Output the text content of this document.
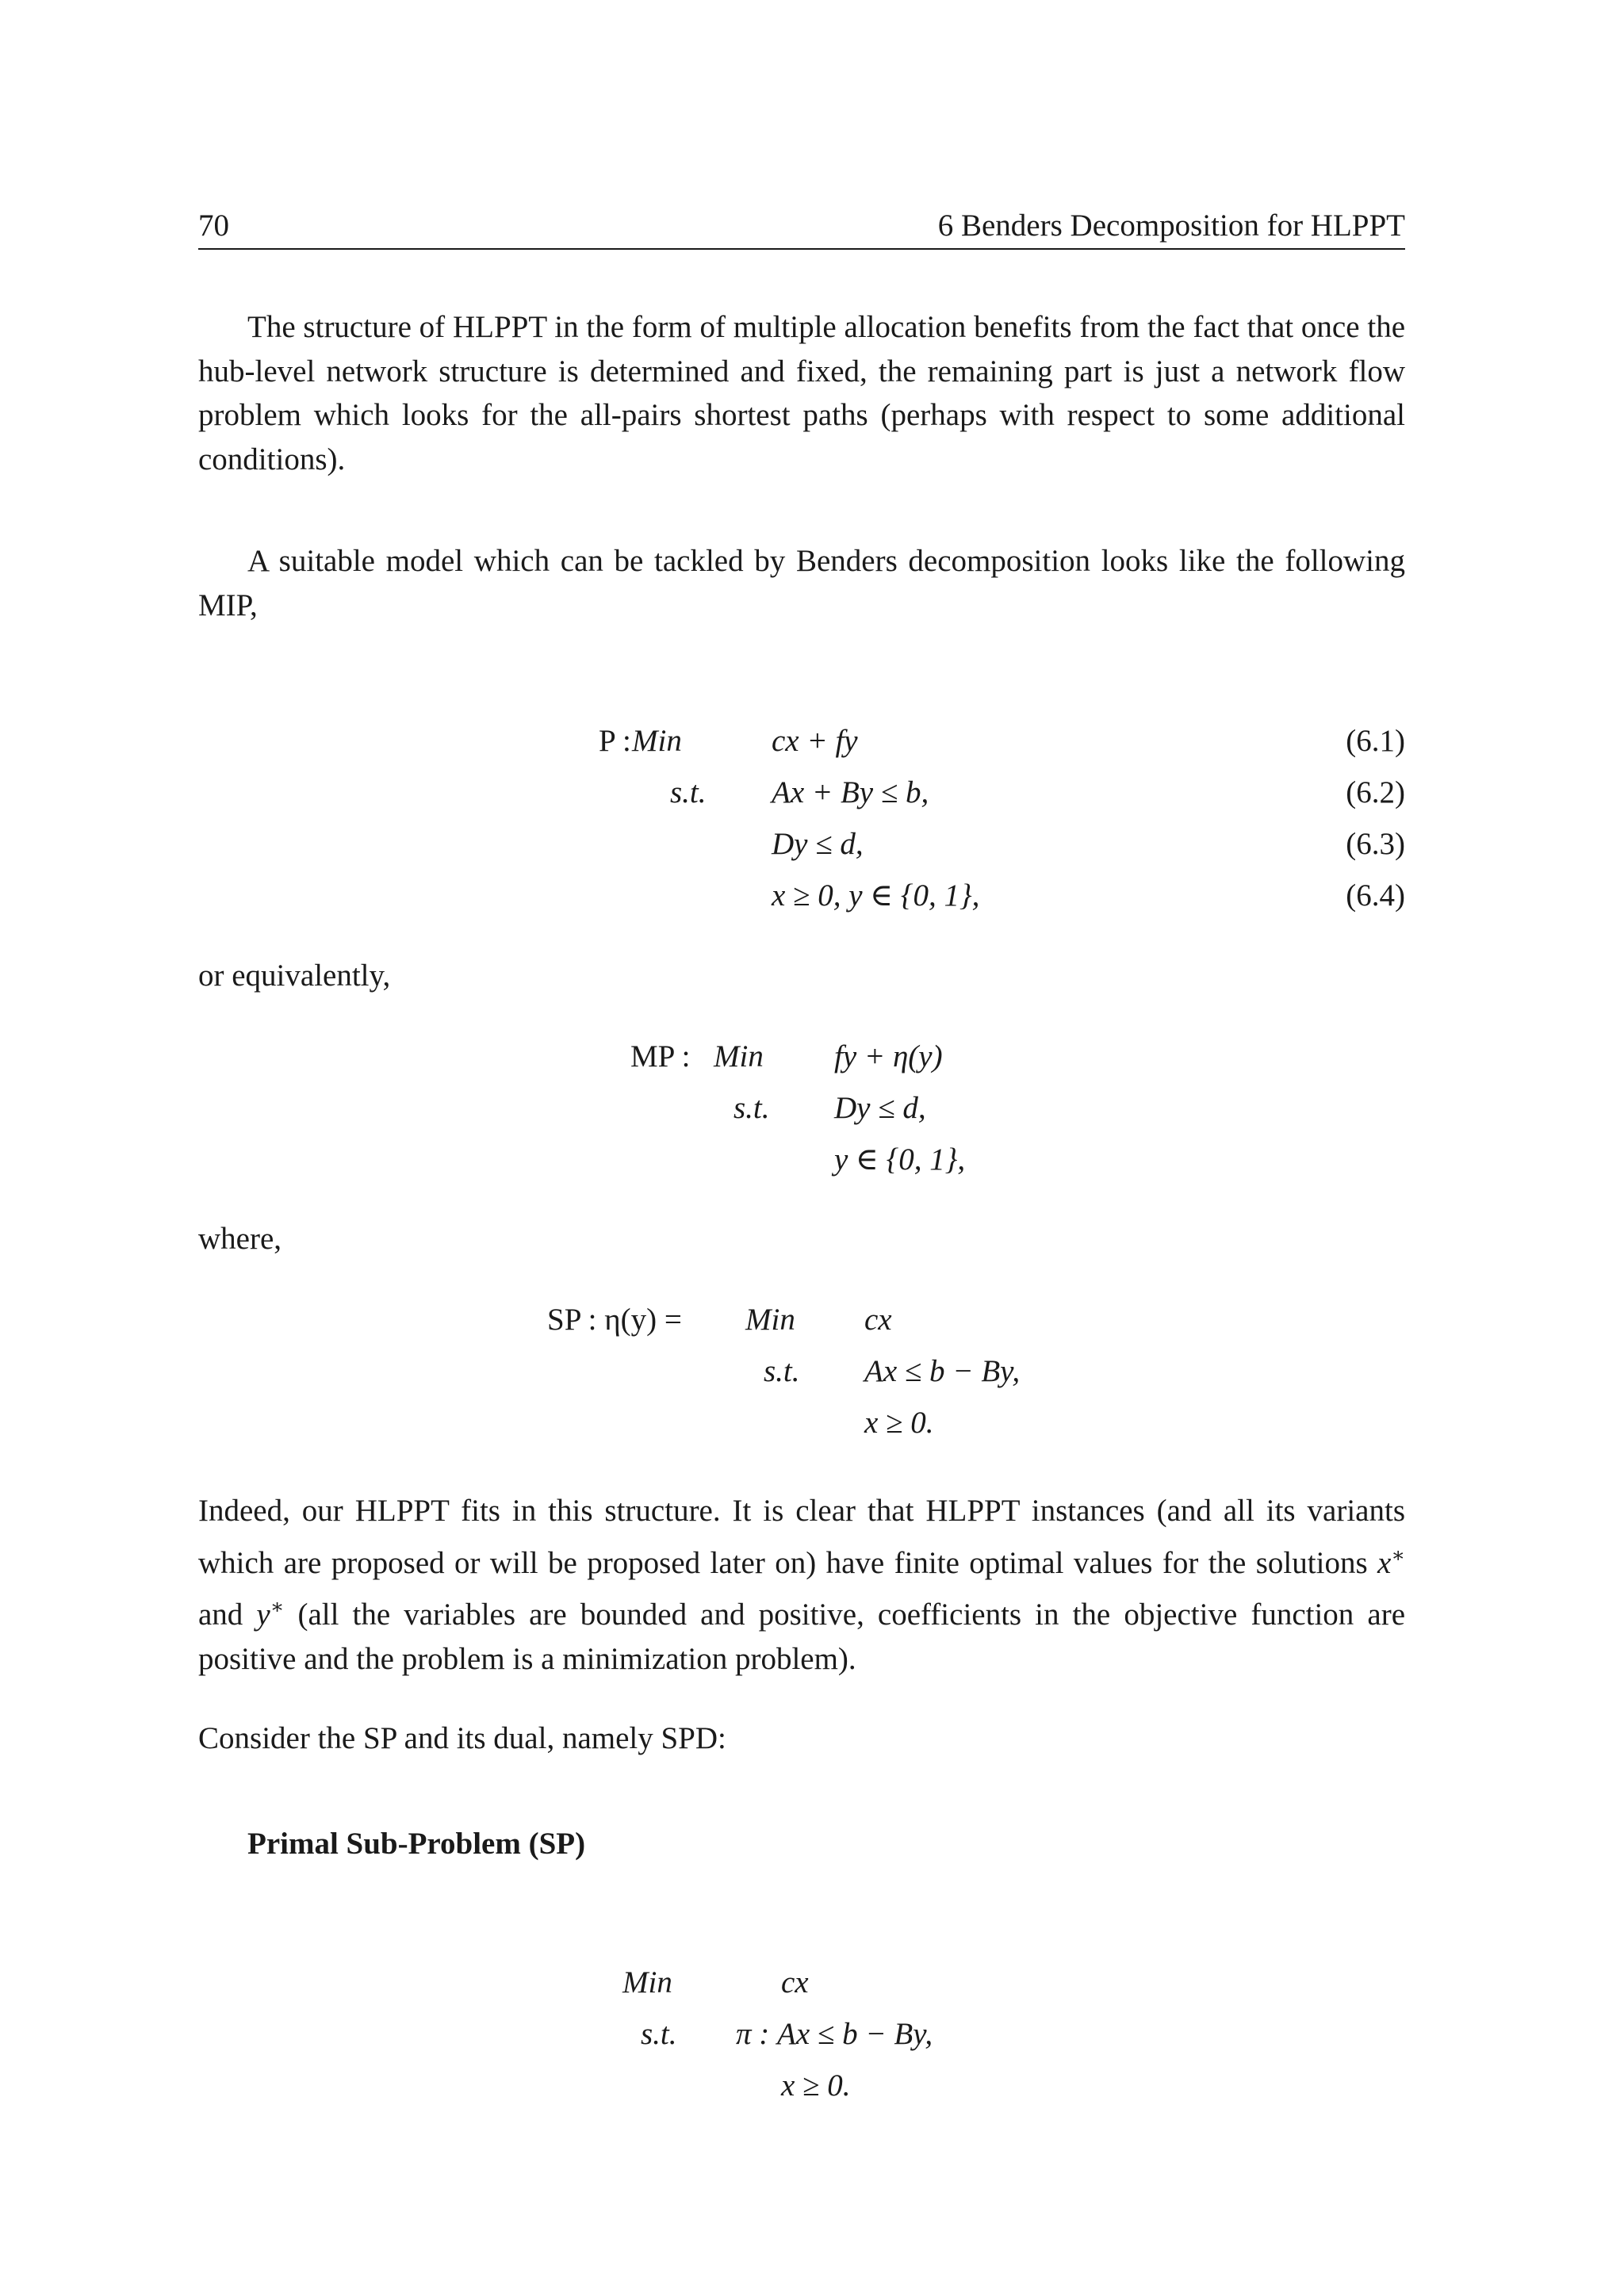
70	6 Benders Decomposition for HLPPT

The structure of HLPPT in the form of multiple allocation benefits from the fact that once the hub-level network structure is determined and fixed, the remaining part is just a network flow problem which looks for the all-pairs shortest paths (perhaps with respect to some additional conditions).

A suitable model which can be tackled by Benders decomposition looks like the following MIP,

P : Min
s.t.
cx + fy
Ax + By ≤ b,
Dy ≤ d,
x ≥ 0, y ∈ {0, 1},
(6.1)
(6.2)
(6.3)
(6.4)
or equivalently,
MP : Min
s.t.
fy + η(y)
Dy ≤ d,
y ∈ {0, 1},
where,
SP : η(y) = Min
s.t.
cx
Ax ≤ b − By,
x ≥ 0.

Indeed, our HLPPT fits in this structure. It is clear that HLPPT instances (and all its variants which are proposed or will be proposed later on) have finite optimal values for the solutions x∗ and y∗ (all the variables are bounded and positive, coefficients in the objective function are positive and the problem is a minimization problem).

Consider the SP and its dual, namely SPD:
Primal Sub-Problem (SP)
Min
s.t.
cx
π : Ax ≤ b − By,
x ≥ 0.
